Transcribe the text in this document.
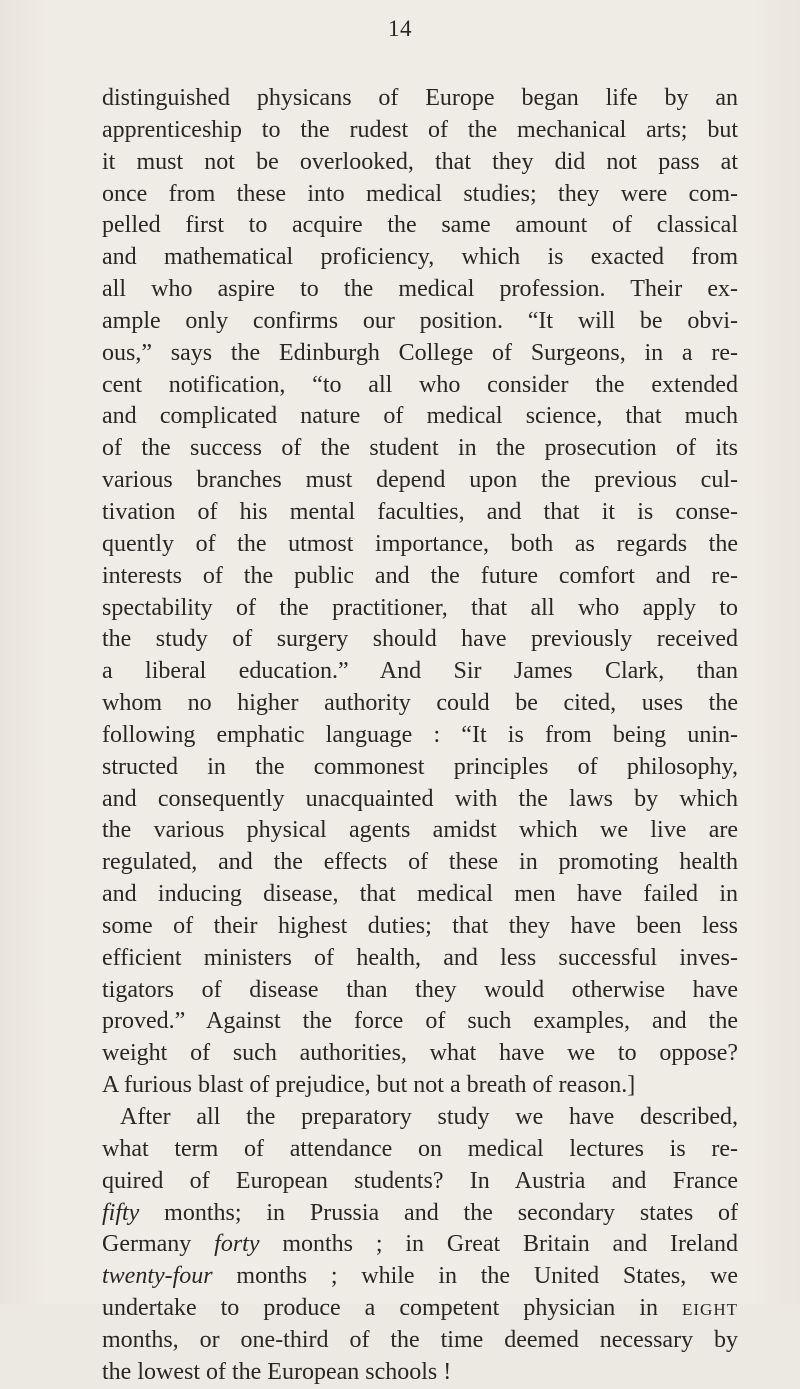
14
distinguished physicans of Europe began life by an
apprenticeship to the rudest of the mechanical arts; but
it must not be overlooked, that they did not pass at
once from these into medical studies; they were com-
pelled first to acquire the same amount of classical
and mathematical proficiency, which is exacted from
all who aspire to the medical profession. Their ex-
ample only confirms our position. “It will be obvi-
ous,” says the Edinburgh College of Surgeons, in a re-
cent notification, “to all who consider the extended
and complicated nature of medical science, that much
of the success of the student in the prosecution of its
various branches must depend upon the previous cul-
tivation of his mental faculties, and that it is conse-
quently of the utmost importance, both as regards the
interests of the public and the future comfort and re-
spectability of the practitioner, that all who apply to
the study of surgery should have previously received
a liberal education.” And Sir James Clark, than
whom no higher authority could be cited, uses the
following emphatic language : “It is from being unin-
structed in the commonest principles of philosophy,
and consequently unacquainted with the laws by which
the various physical agents amidst which we live are
regulated, and the effects of these in promoting health
and inducing disease, that medical men have failed in
some of their highest duties; that they have been less
efficient ministers of health, and less successful inves-
tigators of disease than they would otherwise have
proved.” Against the force of such examples, and the
weight of such authorities, what have we to oppose?
A furious blast of prejudice, but not a breath of reason.]
After all the preparatory study we have described,
what term of attendance on medical lectures is re-
quired of European students? In Austria and France
fifty months; in Prussia and the secondary states of
Germany forty months ; in Great Britain and Ireland
twenty-four months ; while in the United States, we
undertake to produce a competent physician in eight
months, or one-third of the time deemed necessary by
the lowest of the European schools !
